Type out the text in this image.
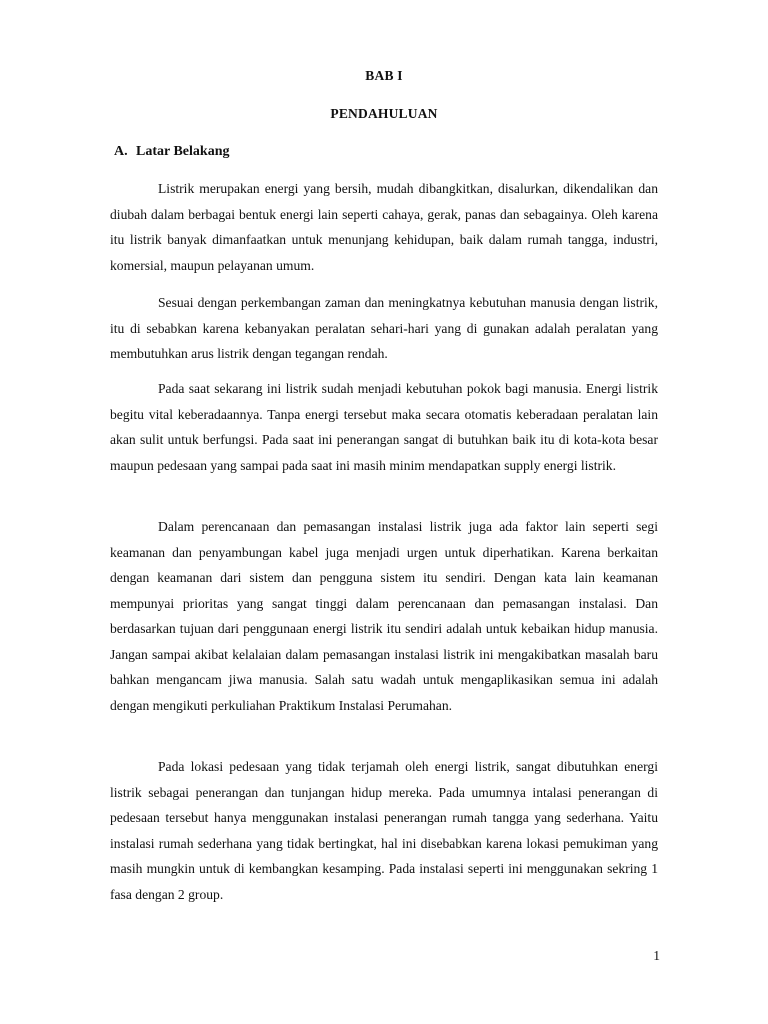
BAB I
PENDAHULUAN
A. Latar Belakang

Listrik merupakan energi yang bersih, mudah dibangkitkan, disalurkan, dikendalikan dan diubah dalam berbagai bentuk energi lain seperti cahaya, gerak, panas dan sebagainya. Oleh karena itu listrik banyak dimanfaatkan untuk menunjang kehidupan, baik dalam rumah tangga, industri, komersial, maupun pelayanan umum.

Sesuai dengan perkembangan zaman dan meningkatnya kebutuhan manusia dengan listrik, itu di sebabkan karena kebanyakan peralatan sehari-hari yang di gunakan adalah peralatan yang membutuhkan arus listrik dengan tegangan rendah.

Pada saat sekarang ini listrik sudah menjadi kebutuhan pokok bagi manusia. Energi listrik begitu vital keberadaannya. Tanpa energi tersebut maka secara otomatis keberadaan peralatan lain akan sulit untuk berfungsi. Pada saat ini penerangan sangat di butuhkan baik itu di kota-kota besar maupun pedesaan yang sampai pada saat ini masih minim mendapatkan supply energi listrik.

Dalam perencanaan dan pemasangan instalasi listrik juga ada faktor lain seperti segi keamanan dan penyambungan kabel juga menjadi urgen untuk diperhatikan. Karena berkaitan dengan keamanan dari sistem dan pengguna sistem itu sendiri. Dengan kata lain keamanan mempunyai prioritas yang sangat tinggi dalam perencanaan dan pemasangan instalasi. Dan berdasarkan tujuan dari penggunaan energi listrik itu sendiri adalah untuk kebaikan hidup manusia. Jangan sampai akibat kelalaian dalam pemasangan instalasi listrik ini mengakibatkan masalah baru bahkan mengancam jiwa manusia. Salah satu wadah untuk mengaplikasikan semua ini adalah dengan mengikuti perkuliahan Praktikum Instalasi Perumahan.

Pada lokasi pedesaan yang tidak terjamah oleh energi listrik, sangat dibutuhkan energi listrik sebagai penerangan dan tunjangan hidup mereka. Pada umumnya intalasi penerangan di pedesaan tersebut hanya menggunakan instalasi penerangan rumah tangga yang sederhana. Yaitu instalasi rumah sederhana yang tidak bertingkat, hal ini disebabkan karena lokasi pemukiman yang masih mungkin untuk di kembangkan kesamping. Pada instalasi seperti ini menggunakan sekring 1 fasa dengan 2 group.

1
